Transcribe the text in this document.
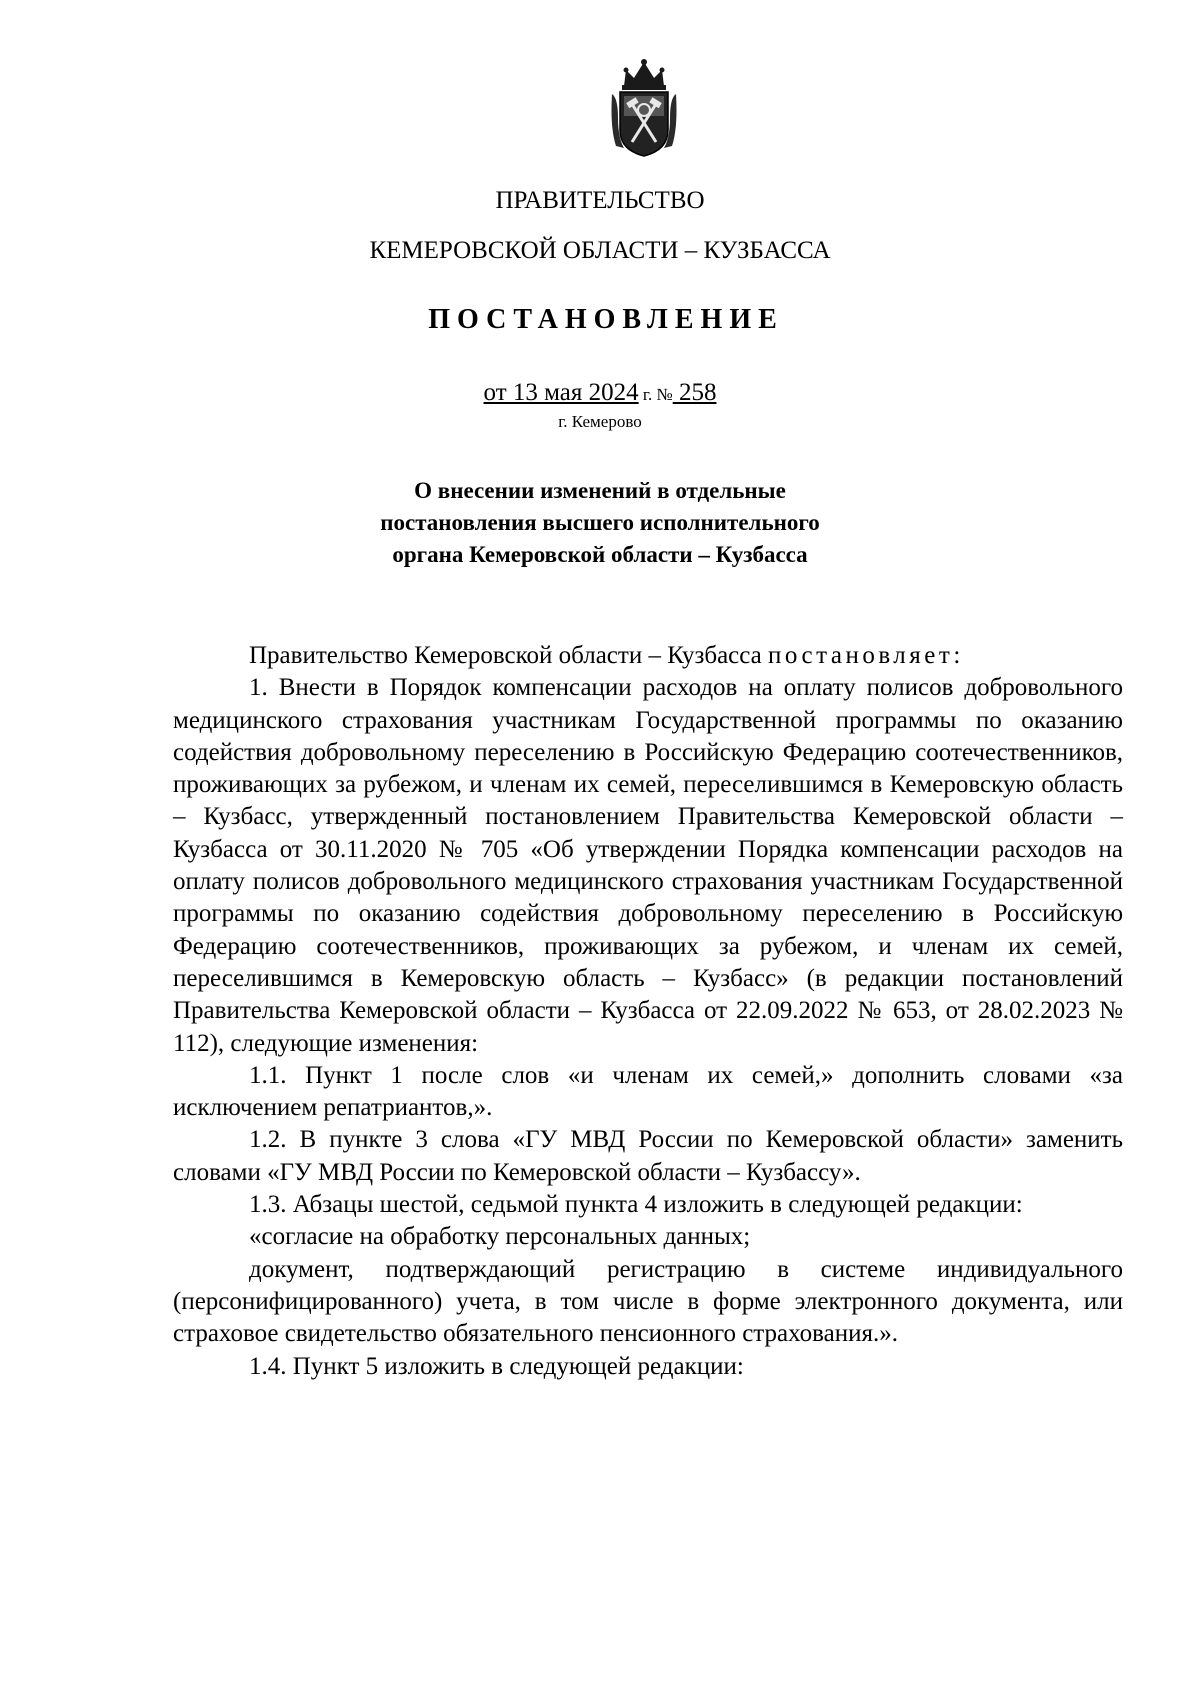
ПРАВИТЕЛЬСТВО
КЕМЕРОВСКОЙ ОБЛАСТИ – КУЗБАССА
ПОСТАНОВЛЕНИЕ
от 13 мая 2024 г. № 258
г. Кемерово
О внесении изменений в отдельные
постановления высшего исполнительного
органа Кемеровской области – Кузбасса

Правительство Кемеровской области – Кузбасса постановляет:

1. Внести в Порядок компенсации расходов на оплату полисов добровольного медицинского страхования участникам Государственной программы по оказанию содействия добровольному переселению в Российскую Федерацию соотечественников, проживающих за рубежом, и членам их семей, переселившимся в Кемеровскую область – Кузбасс, утвержденный постановлением Правительства Кемеровской области – Кузбасса от 30.11.2020 № 705 «Об утверждении Порядка компенсации расходов на оплату полисов добровольного медицинского страхования участникам Государственной программы по оказанию содействия добровольному переселению в Российскую Федерацию соотечественников, проживающих за рубежом, и членам их семей, переселившимся в Кемеровскую область – Кузбасс» (в редакции постановлений Правительства Кемеровской области – Кузбасса от 22.09.2022 № 653, от 28.02.2023 № 112), следующие изменения:

1.1. Пункт 1 после слов «и членам их семей,» дополнить словами «за исключением репатриантов,».

1.2. В пункте 3 слова «ГУ МВД России по Кемеровской области» заменить словами «ГУ МВД России по Кемеровской области – Кузбассу».

1.3. Абзацы шестой, седьмой пункта 4 изложить в следующей редакции:

«согласие на обработку персональных данных;

документ, подтверждающий регистрацию в системе индивидуального (персонифицированного) учета, в том числе в форме электронного документа, или страховое свидетельство обязательного пенсионного страхования.».

1.4. Пункт 5 изложить в следующей редакции:
